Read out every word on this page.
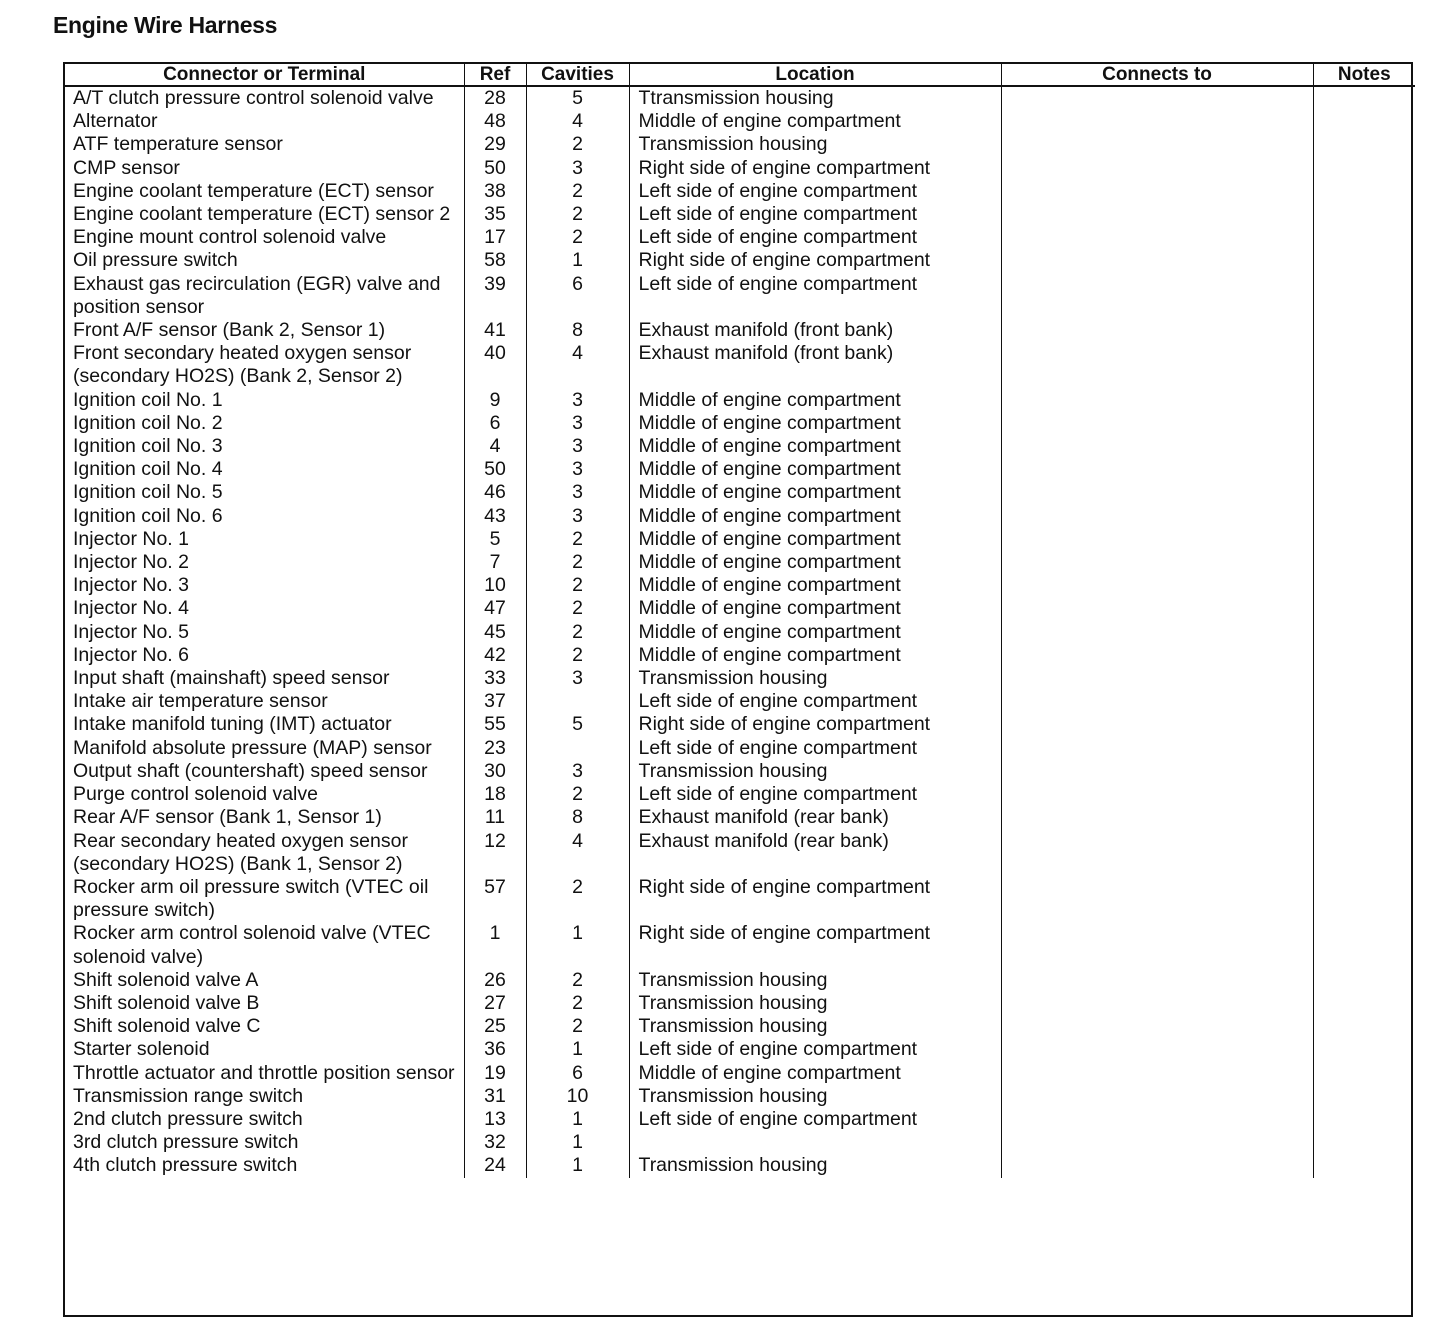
Engine Wire Harness
Connector or Terminal	Ref	Cavities	Location	Connects to	Notes
A/T clutch pressure control solenoid valve	28	5	Ttransmission housing		
Alternator	48	4	Middle of engine compartment		
ATF temperature sensor	29	2	Transmission housing		
CMP sensor	50	3	Right side of engine compartment		
Engine coolant temperature (ECT) sensor	38	2	Left side of engine compartment		
Engine coolant temperature (ECT) sensor 2	35	2	Left side of engine compartment		
Engine mount control solenoid valve	17	2	Left side of engine compartment		
Oil pressure switch	58	1	Right side of engine compartment		
Exhaust gas recirculation (EGR) valve and position sensor	39	6	Left side of engine compartment		
Front A/F sensor (Bank 2, Sensor 1)	41	8	Exhaust manifold (front bank)		
Front secondary heated oxygen sensor (secondary HO2S) (Bank 2, Sensor 2)	40	4	Exhaust manifold (front bank)		
Ignition coil No. 1	9	3	Middle of engine compartment		
Ignition coil No. 2	6	3	Middle of engine compartment		
Ignition coil No. 3	4	3	Middle of engine compartment		
Ignition coil No. 4	50	3	Middle of engine compartment		
Ignition coil No. 5	46	3	Middle of engine compartment		
Ignition coil No. 6	43	3	Middle of engine compartment		
Injector No. 1	5	2	Middle of engine compartment		
Injector No. 2	7	2	Middle of engine compartment		
Injector No. 3	10	2	Middle of engine compartment		
Injector No. 4	47	2	Middle of engine compartment		
Injector No. 5	45	2	Middle of engine compartment		
Injector No. 6	42	2	Middle of engine compartment		
Input shaft (mainshaft) speed sensor	33	3	Transmission housing		
Intake air temperature sensor	37		Left side of engine compartment		
Intake manifold tuning (IMT) actuator	55	5	Right side of engine compartment		
Manifold absolute pressure (MAP) sensor	23		Left side of engine compartment		
Output shaft (countershaft) speed sensor	30	3	Transmission housing		
Purge control solenoid valve	18	2	Left side of engine compartment		
Rear A/F sensor (Bank 1, Sensor 1)	11	8	Exhaust manifold (rear bank)		
Rear secondary heated oxygen sensor (secondary HO2S) (Bank 1, Sensor 2)	12	4	Exhaust manifold (rear bank)		
Rocker arm oil pressure switch (VTEC oil pressure switch)	57	2	Right side of engine compartment		
Rocker arm control solenoid valve (VTEC solenoid valve)	1	1	Right side of engine compartment		
Shift solenoid valve A	26	2	Transmission housing		
Shift solenoid valve B	27	2	Transmission housing		
Shift solenoid valve C	25	2	Transmission housing		
Starter solenoid	36	1	Left side of engine compartment		
Throttle actuator and throttle position sensor	19	6	Middle of engine compartment		
Transmission range switch	31	10	Transmission housing		
2nd clutch pressure switch	13	1	Left side of engine compartment		
3rd clutch pressure switch	32	1			
4th clutch pressure switch	24	1	Transmission housing		
